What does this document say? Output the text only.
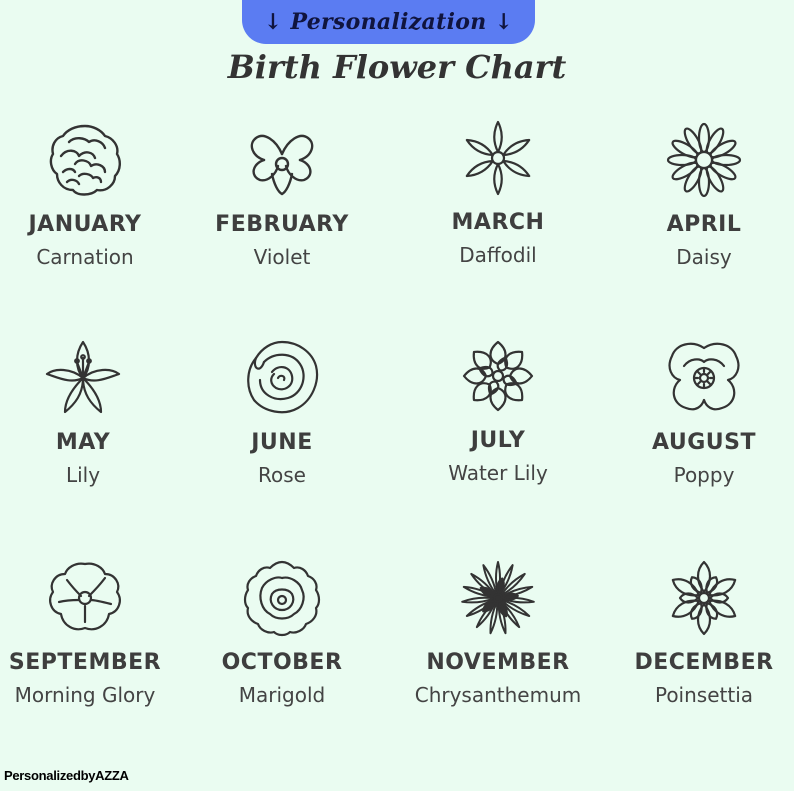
↓ Personalization ↓
Birth Flower Chart
JANUARY
Carnation
FEBRUARY
Violet
MARCH
Daffodil
APRIL
Daisy
MAY
Lily
JUNE
Rose
JULY
Water Lily
AUGUST
Poppy
SEPTEMBER
Morning Glory
OCTOBER
Marigold
NOVEMBER
Chrysanthemum
DECEMBER
Poinsettia
PersonalizedbyAZZA
